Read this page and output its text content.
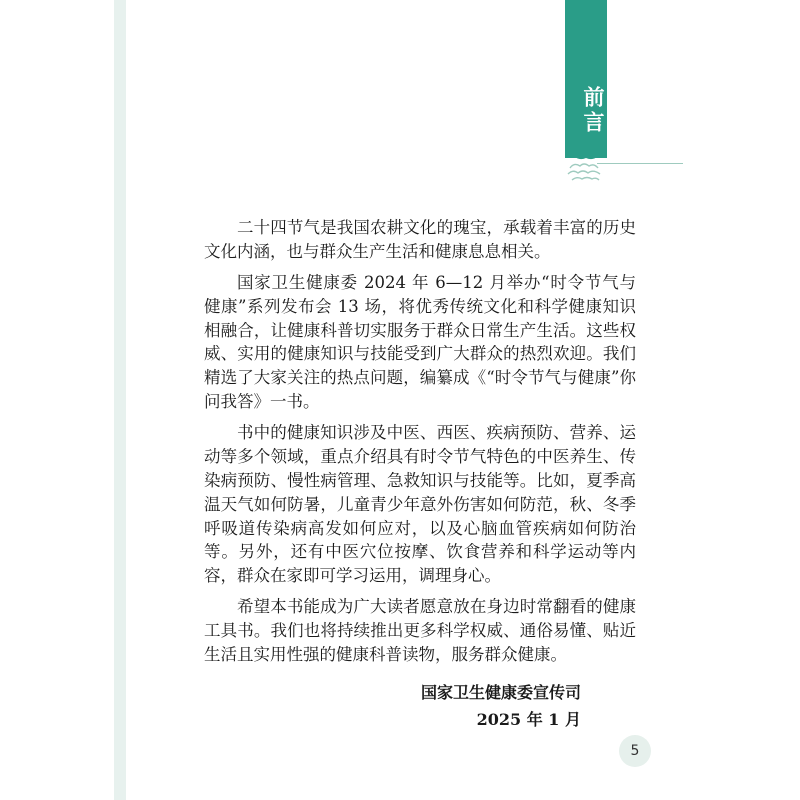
前言

二十四节气是我国农耕文化的瑰宝，承载着丰富的历史文化内涵，也与群众生产生活和健康息息相关。

国家卫生健康委 2024 年 6—12 月举办“时令节气与健康”系列发布会 13 场，将优秀传统文化和科学健康知识相融合，让健康科普切实服务于群众日常生产生活。这些权威、实用的健康知识与技能受到广大群众的热烈欢迎。我们精选了大家关注的热点问题，编纂成《“时令节气与健康”你问我答》一书。

书中的健康知识涉及中医、西医、疾病预防、营养、运动等多个领域，重点介绍具有时令节气特色的中医养生、传染病预防、慢性病管理、急救知识与技能等。比如，夏季高温天气如何防暑，儿童青少年意外伤害如何防范，秋、冬季呼吸道传染病高发如何应对，以及心脑血管疾病如何防治等。另外，还有中医穴位按摩、饮食营养和科学运动等内容，群众在家即可学习运用，调理身心。

希望本书能成为广大读者愿意放在身边时常翻看的健康工具书。我们也将持续推出更多科学权威、通俗易懂、贴近生活且实用性强的健康科普读物，服务群众健康。

国家卫生健康委宣传司
2025 年 1 月
5
